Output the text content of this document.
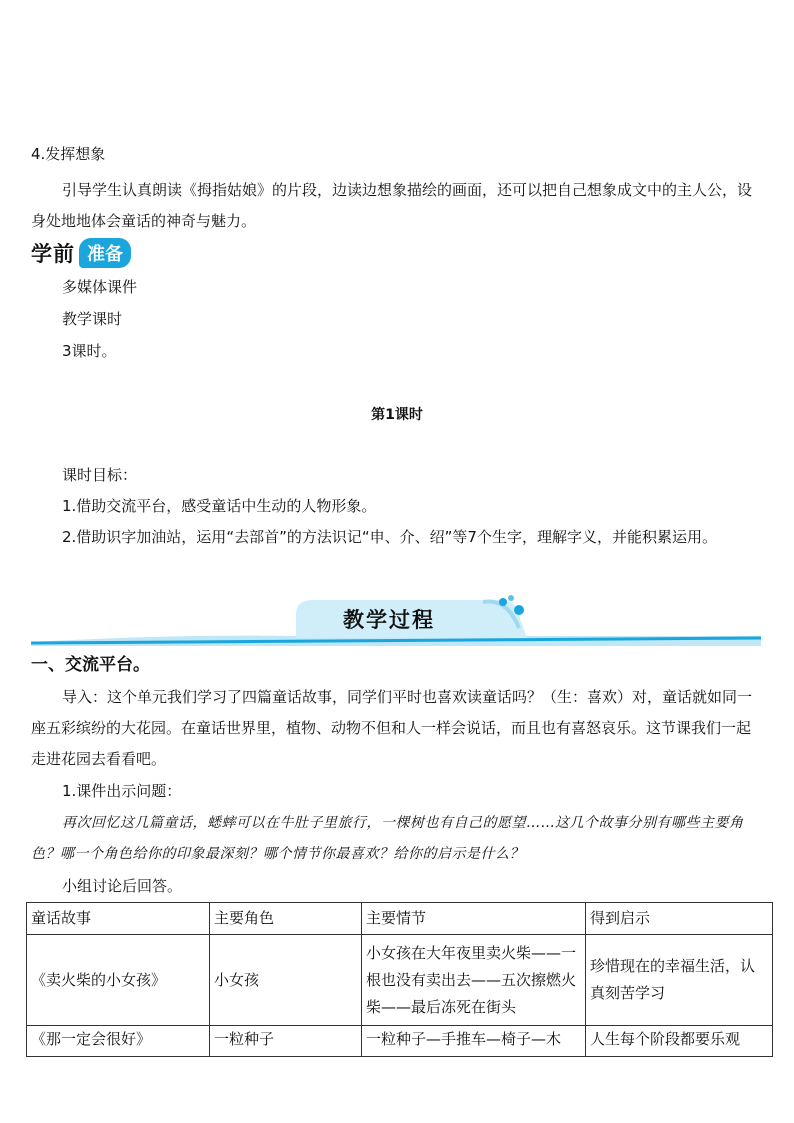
4.发挥想象
引导学生认真朗读《拇指姑娘》的片段，边读边想象描绘的画面，还可以把自己想象成文中的主人公，设身处地地体会童话的神奇与魅力。
学前 准备
多媒体课件
教学课时
3课时。
第1课时
课时目标：
1.借助交流平台，感受童话中生动的人物形象。
2.借助识字加油站，运用“去部首”的方法识记“申、介、绍”等7个生字，理解字义，并能积累运用。
教学过程
一、交流平台。
导入：这个单元我们学习了四篇童话故事，同学们平时也喜欢读童话吗？（生：喜欢）对，童话就如同一座五彩缤纷的大花园。在童话世界里，植物、动物不但和人一样会说话，而且也有喜怒哀乐。这节课我们一起走进花园去看看吧。
1.课件出示问题：
再次回忆这几篇童话，蟋蟀可以在牛肚子里旅行，一棵树也有自己的愿望……这几个故事分别有哪些主要角色？哪一个角色给你的印象最深刻？哪个情节你最喜欢？给你的启示是什么？
小组讨论后回答。
童话故事	主要角色	主要情节	得到启示
《卖火柴的小女孩》	小女孩	小女孩在大年夜里卖火柴——一根也没有卖出去——五次擦燃火柴——最后冻死在街头	珍惜现在的幸福生活，认真刻苦学习
《那一定会很好》	一粒种子	一粒种子—手推车—椅子—木	人生每个阶段都要乐观
